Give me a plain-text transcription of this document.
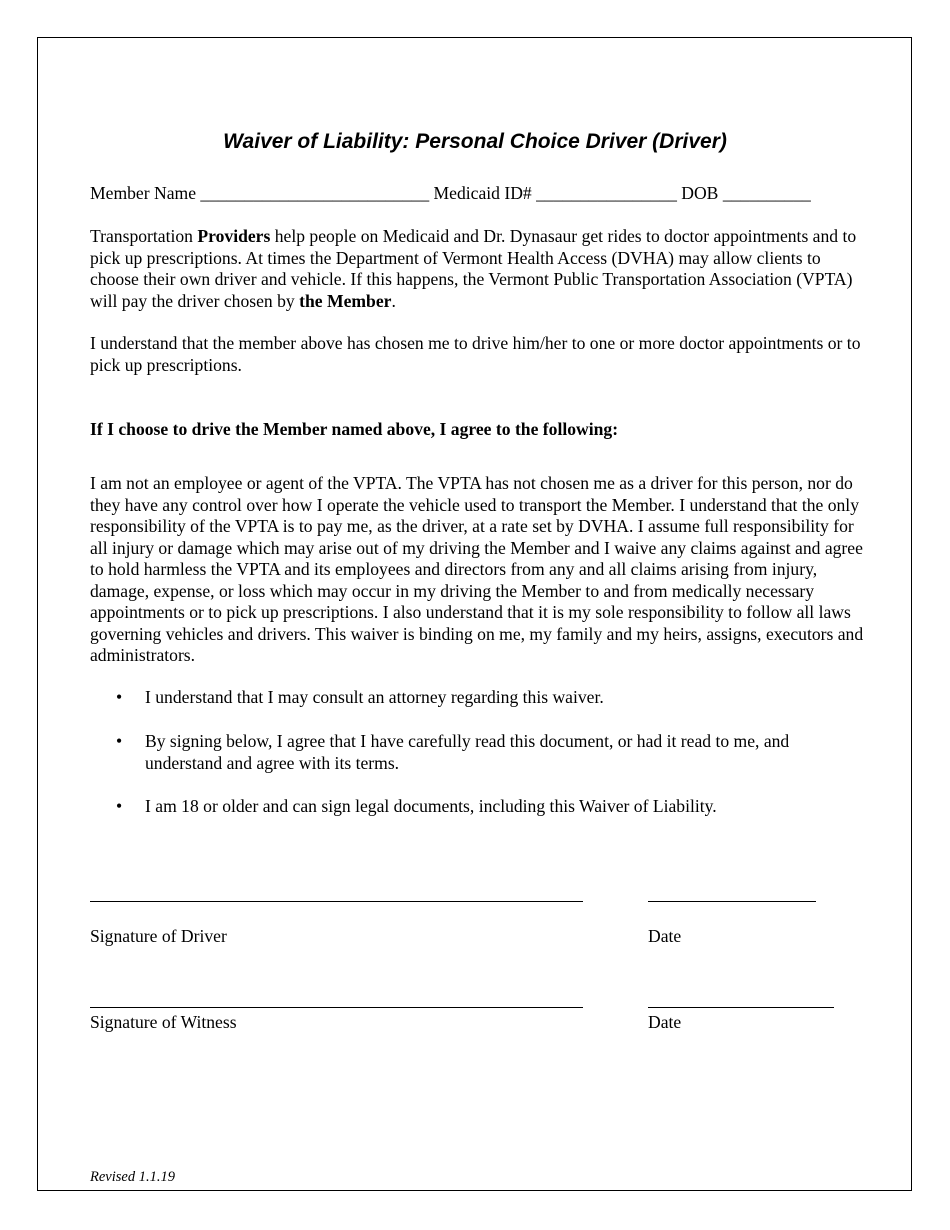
Waiver of Liability: Personal Choice Driver (Driver)
Member Name __________________________ Medicaid ID# ________________ DOB __________
Transportation Providers help people on Medicaid and Dr. Dynasaur get rides to doctor appointments and to pick up prescriptions. At times the Department of Vermont Health Access (DVHA) may allow clients to choose their own driver and vehicle. If this happens, the Vermont Public Transportation Association (VPTA) will pay the driver chosen by the Member.
I understand that the member above has chosen me to drive him/her to one or more doctor appointments or to pick up prescriptions.
If I choose to drive the Member named above, I agree to the following:
I am not an employee or agent of the VPTA. The VPTA has not chosen me as a driver for this person, nor do they have any control over how I operate the vehicle used to transport the Member. I understand that the only responsibility of the VPTA is to pay me, as the driver, at a rate set by DVHA. I assume full responsibility for all injury or damage which may arise out of my driving the Member and I waive any claims against and agree to hold harmless the VPTA and its employees and directors from any and all claims arising from injury, damage, expense, or loss which may occur in my driving the Member to and from medically necessary appointments or to pick up prescriptions. I also understand that it is my sole responsibility to follow all laws governing vehicles and drivers. This waiver is binding on me, my family and my heirs, assigns, executors and administrators.
• I understand that I may consult an attorney regarding this waiver.
• By signing below, I agree that I have carefully read this document, or had it read to me, and understand and agree with its terms.
• I am 18 or older and can sign legal documents, including this Waiver of Liability.
Signature of Driver	Date
Signature of Witness	Date
Revised 1.1.19
